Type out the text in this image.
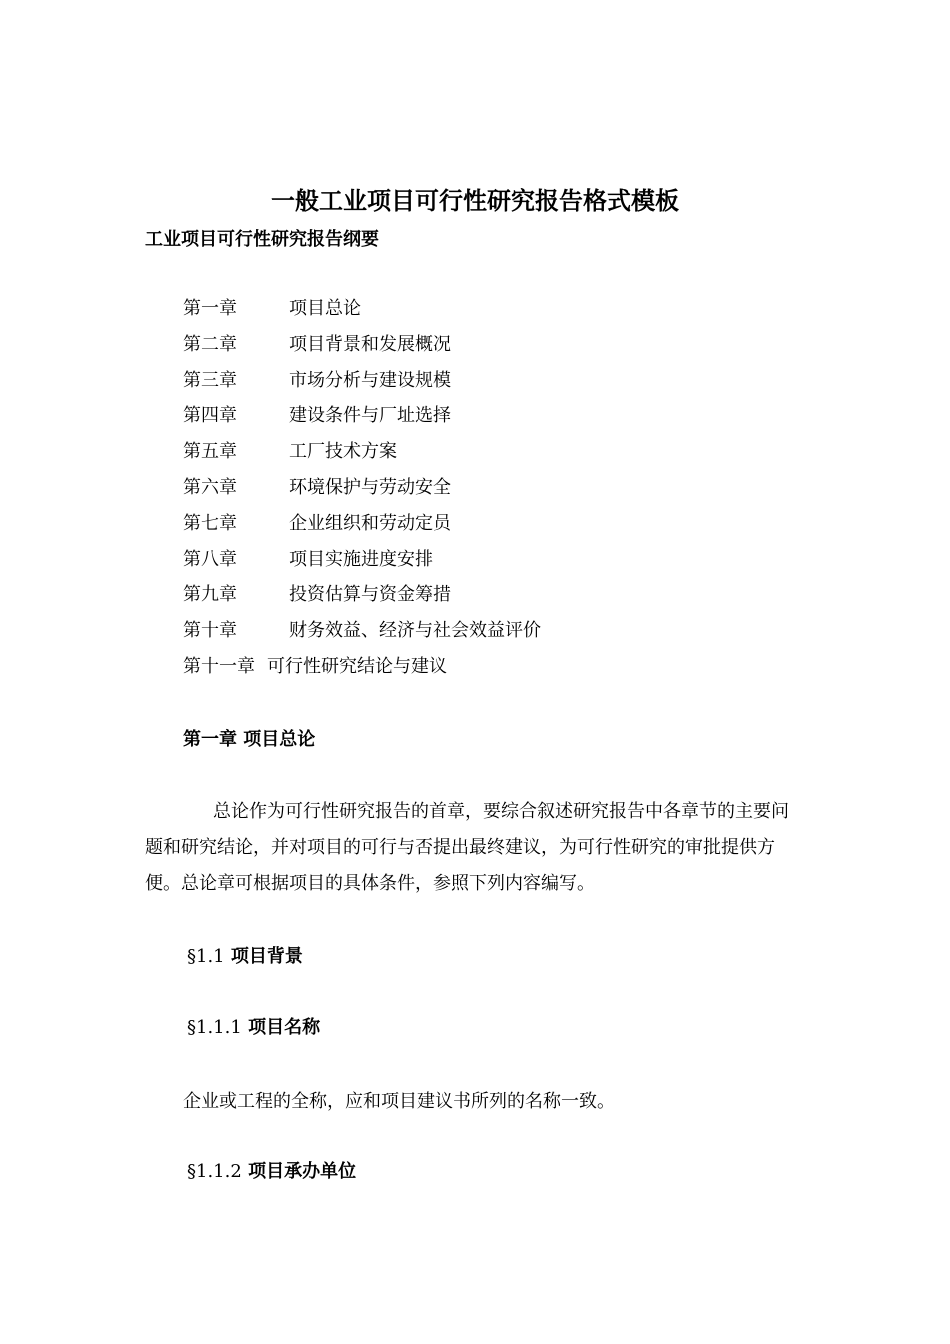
一般工业项目可行性研究报告格式模板
工业项目可行性研究报告纲要
第一章	项目总论
第二章	项目背景和发展概况
第三章	市场分析与建设规模
第四章	建设条件与厂址选择
第五章	工厂技术方案
第六章	环境保护与劳动安全
第七章	企业组织和劳动定员
第八章	项目实施进度安排
第九章	投资估算与资金筹措
第十章	财务效益、经济与社会效益评价
第十一章 可行性研究结论与建议
第一章 项目总论
总论作为可行性研究报告的首章，要综合叙述研究报告中各章节的主要问题和研究结论，并对项目的可行与否提出最终建议，为可行性研究的审批提供方便。总论章可根据项目的具体条件，参照下列内容编写。
§1.1 项目背景
§1.1.1 项目名称
企业或工程的全称，应和项目建议书所列的名称一致。
§1.1.2 项目承办单位
